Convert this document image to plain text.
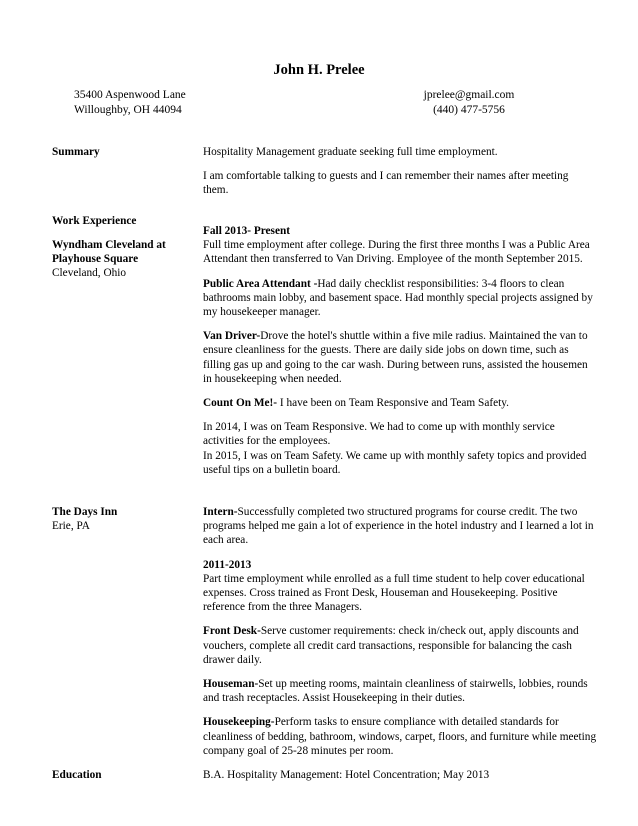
John H. Prelee
35400 Aspenwood Lane
Willoughby, OH 44094
jprelee@gmail.com
(440) 477-5756
Summary	Hospitality Management graduate seeking full time employment.

I am comfortable talking to guests and I can remember their names after meeting them.

Work Experience
Wyndham Cleveland at
Playhouse Square
Cleveland, Ohio

Fall 2013- Present

Full time employment after college. During the first three months I was a Public Area Attendant then transferred to Van Driving. Employee of the month September 2015.

Public Area Attendant -Had daily checklist responsibilities: 3-4 floors to clean bathrooms main lobby, and basement space. Had monthly special projects assigned by my housekeeper manager.

Van Driver-Drove the hotel's shuttle within a five mile radius. Maintained the van to ensure cleanliness for the guests. There are daily side jobs on down time, such as filling gas up and going to the car wash. During between runs, assisted the housemen in housekeeping when needed.

Count On Me!- I have been on Team Responsive and Team Safety.

In 2014, I was on Team Responsive. We had to come up with monthly service activities for the employees.

In 2015, I was on Team Safety. We came up with monthly safety topics and provided useful tips on a bulletin board.

The Days Inn
Erie, PA

Intern-Successfully completed two structured programs for course credit. The two programs helped me gain a lot of experience in the hotel industry and I learned a lot in each area.

2011-2013

Part time employment while enrolled as a full time student to help cover educational expenses. Cross trained as Front Desk, Houseman and Housekeeping. Positive reference from the three Managers.

Front Desk-Serve customer requirements: check in/check out, apply discounts and vouchers, complete all credit card transactions, responsible for balancing the cash drawer daily.

Houseman-Set up meeting rooms, maintain cleanliness of stairwells, lobbies, rounds and trash receptacles. Assist Housekeeping in their duties.

Housekeeping-Perform tasks to ensure compliance with detailed standards for cleanliness of bedding, bathroom, windows, carpet, floors, and furniture while meeting company goal of 25-28 minutes per room.

Education	B.A. Hospitality Management: Hotel Concentration; May 2013
